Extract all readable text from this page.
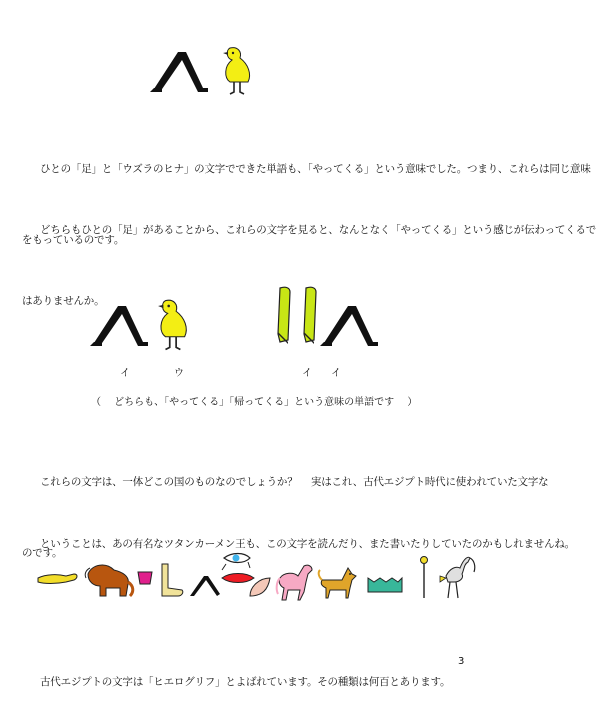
ひとの「足」と「ウズラのヒナ」の文字でできた単語も、「やってくる」という意味でした。つまり、これらは同じ意味

をもっているのです。

どちらもひとの「足」があることから、これらの文字を見ると、なんとなく「やってくる」という感じが伝わってくるで

はありませんか。

イ	ウ	イ イ
（　 どちらも、「やってくる」「帰ってくる」という意味の単語です　 ）

これらの文字は、一体どこの国のものなのでしょうか？　 実はこれ、古代エジプト時代に使われていた文字な

のです。

ということは、あの有名なツタンカーメン王も、この文字を読んだり、また書いたりしていたのかもしれませんね。

古代エジプトの文字は「ヒエログリフ」とよばれています。その種類は何百とあります。

3
